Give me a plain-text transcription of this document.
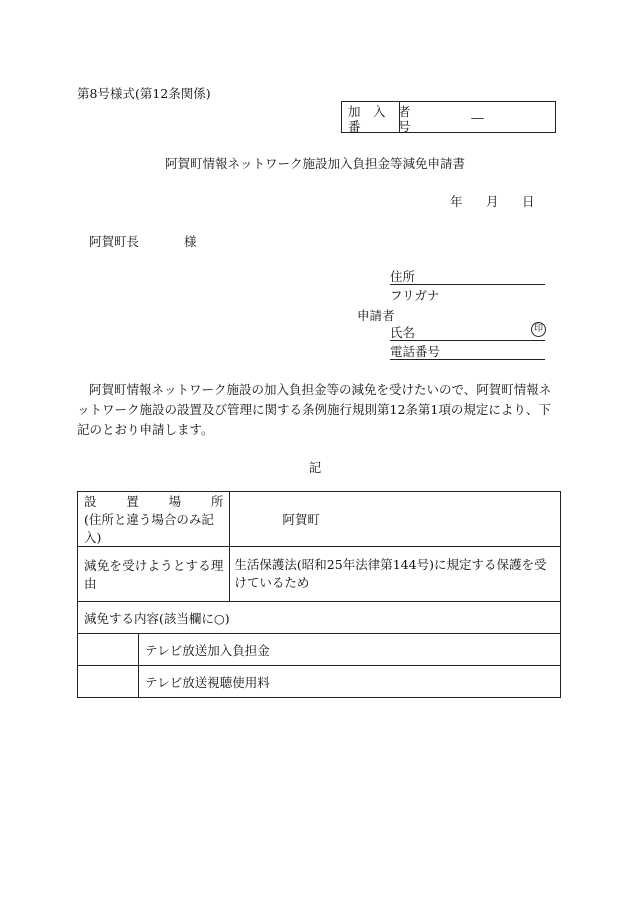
第8号様式(第12条関係)
加　入　者
番　　　号
―
阿賀町情報ネットワーク施設加入負担金等減免申請書
年 月 日
阿賀町長	様
住所
フリガナ
申請者
氏名	印
電話番号
阿賀町情報ネットワーク施設の加入負担金等の減免を受けたいので、阿賀町情報ネットワーク施設の設置及び管理に関する条例施行規則第12条第1項の規定により、下記のとおり申請します。
記
設　置　場　所
(住所と違う場合のみ記入)		阿賀町

減免を受けようとする理由		生活保護法(昭和25年法律第144号)に規定する保護を受けているため
減免する内容(該当欄に○)		
	テレビ放送加入負担金	
	テレビ放送視聴使用料	
